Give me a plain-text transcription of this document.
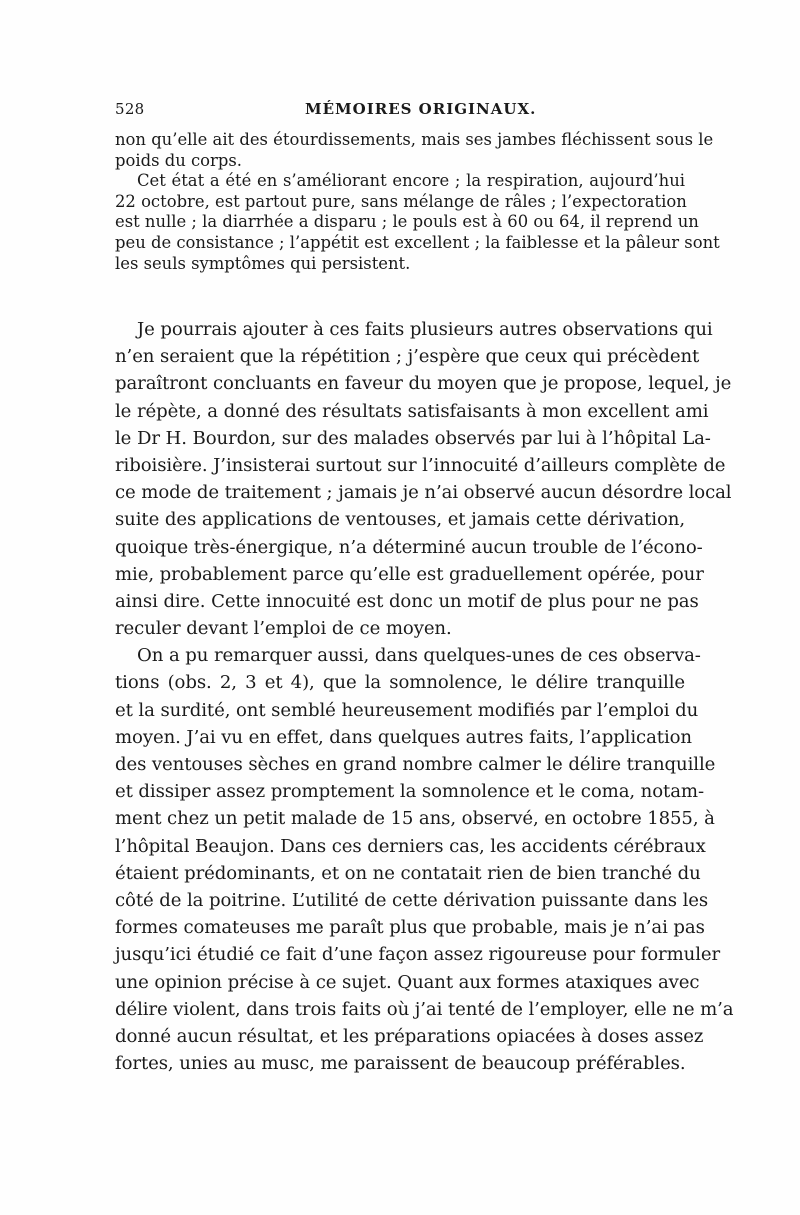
528	MÉMOIRES ORIGINAUX.
non qu’elle ait des étourdissements, mais ses jambes fléchissent sous le
poids du corps.
Cet état a été en s’améliorant encore ; la respiration, aujourd’hui
22 octobre, est partout pure, sans mélange de râles ; l’expectoration
est nulle ; la diarrhée a disparu ; le pouls est à 60 ou 64, il reprend un
peu de consistance ; l’appétit est excellent ; la faiblesse et la pâleur sont
les seuls symptômes qui persistent.
Je pourrais ajouter à ces faits plusieurs autres observations qui
n’en seraient que la répétition ; j’espère que ceux qui précèdent
paraîtront concluants en faveur du moyen que je propose, lequel, je
le répète, a donné des résultats satisfaisants à mon excellent ami
le Dr H. Bourdon, sur des malades observés par lui à l’hôpital La-
riboisière. J’insisterai surtout sur l’innocuité d’ailleurs complète de
ce mode de traitement ; jamais je n’ai observé aucun désordre local
suite des applications de ventouses, et jamais cette dérivation,
quoique très-énergique, n’a déterminé aucun trouble de l’écono-
mie, probablement parce qu’elle est graduellement opérée, pour
ainsi dire. Cette innocuité est donc un motif de plus pour ne pas
reculer devant l’emploi de ce moyen.
On a pu remarquer aussi, dans quelques-unes de ces observa-
tions (obs. 2, 3 et 4), que la somnolence, le délire tranquille
et la surdité, ont semblé heureusement modifiés par l’emploi du
moyen. J’ai vu en effet, dans quelques autres faits, l’application
des ventouses sèches en grand nombre calmer le délire tranquille
et dissiper assez promptement la somnolence et le coma, notam-
ment chez un petit malade de 15 ans, observé, en octobre 1855, à
l’hôpital Beaujon. Dans ces derniers cas, les accidents cérébraux
étaient prédominants, et on ne contatait rien de bien tranché du
côté de la poitrine. L’utilité de cette dérivation puissante dans les
formes comateuses me paraît plus que probable, mais je n’ai pas
jusqu’ici étudié ce fait d’une façon assez rigoureuse pour formuler
une opinion précise à ce sujet. Quant aux formes ataxiques avec
délire violent, dans trois faits où j’ai tenté de l’employer, elle ne m’a
donné aucun résultat, et les préparations opiacées à doses assez
fortes, unies au musc, me paraissent de beaucoup préférables.
